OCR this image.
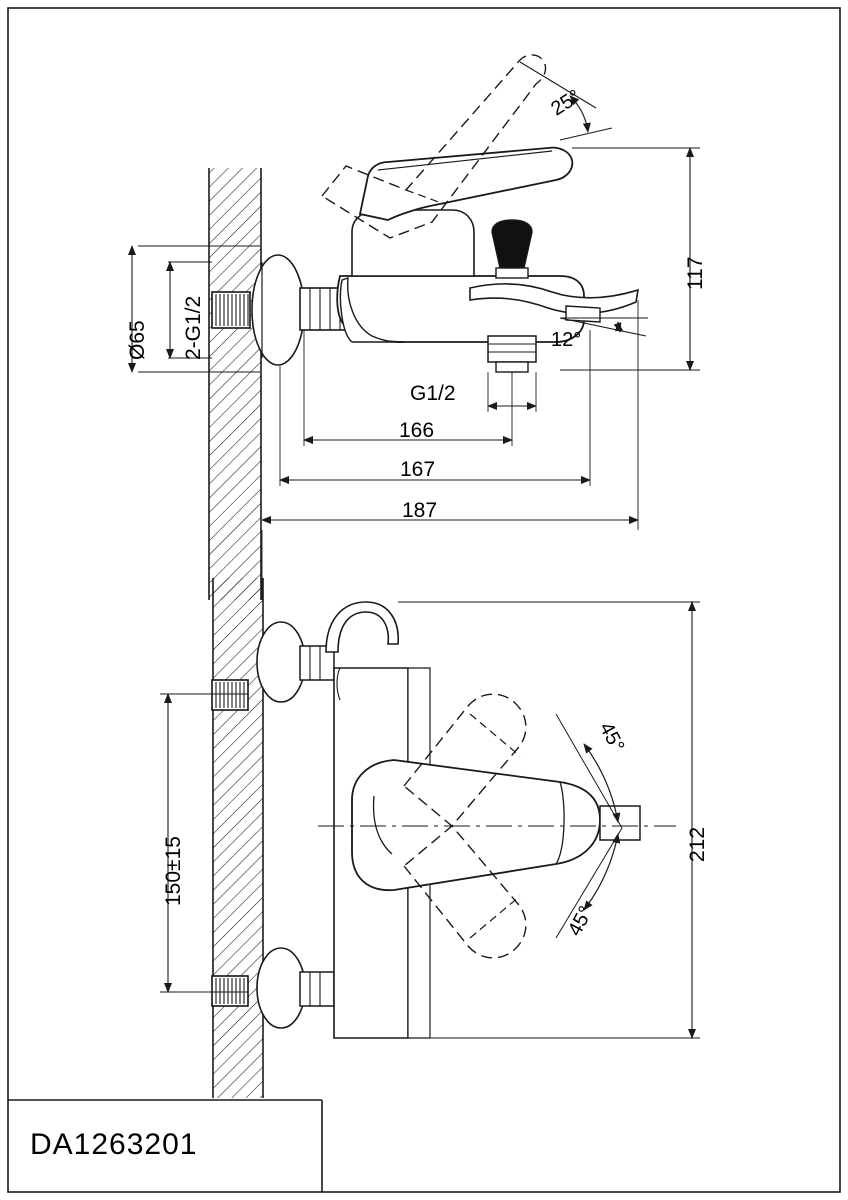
Ø65 2-G1/2
117
G1/2
166
167
187
25°
12°
150±15	212
45°
45°
DA1263201
